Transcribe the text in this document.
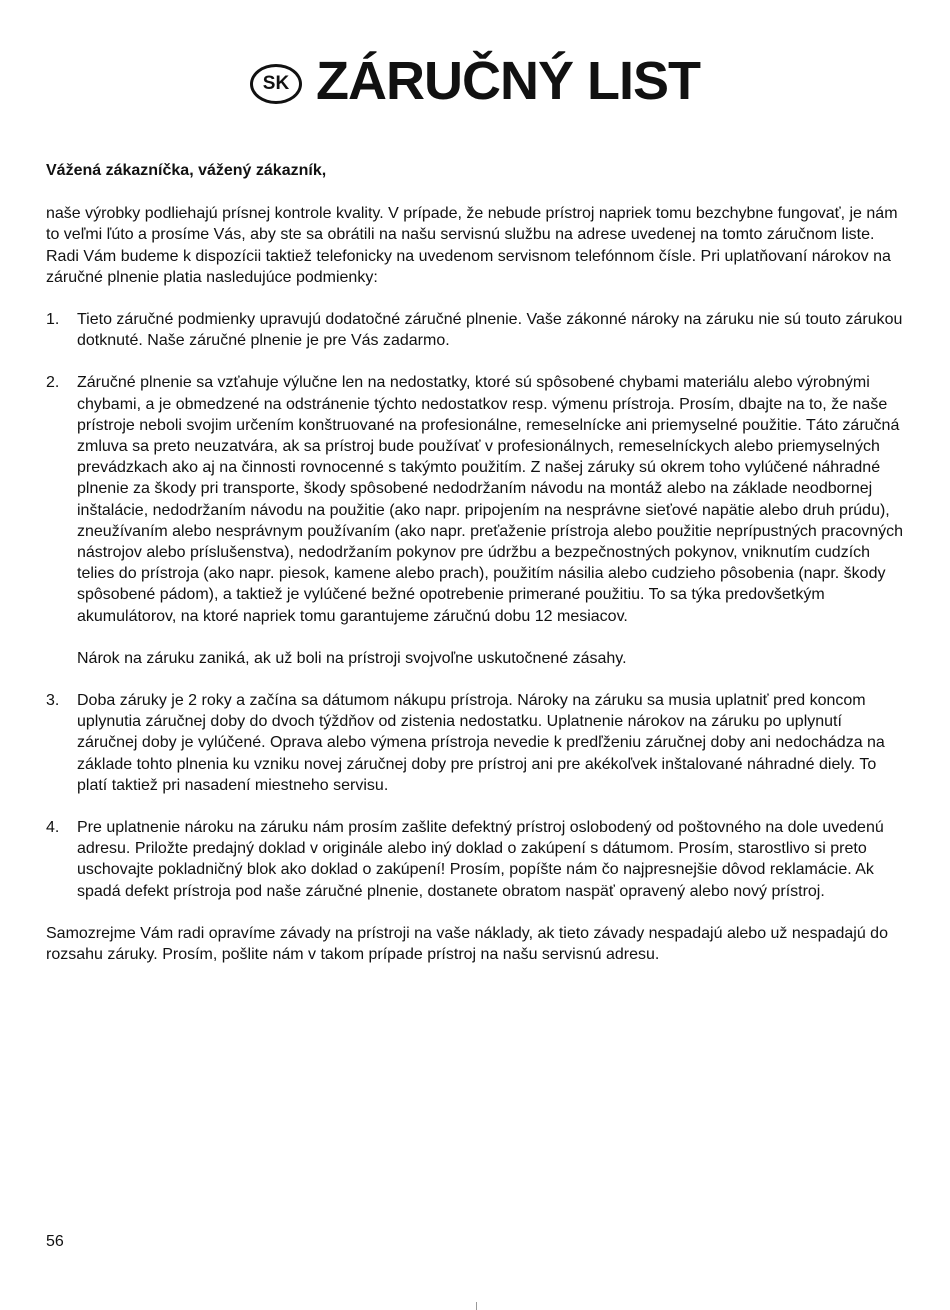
SK ZÁRUČNÝ LIST

Vážená zákazníčka, vážený zákazník,

naše výrobky podliehajú prísnej kontrole kvality. V prípade, že nebude prístroj napriek tomu bezchybne fungovať, je nám to veľmi ľúto a prosíme Vás, aby ste sa obrátili na našu servisnú službu na adrese uvedenej na tomto záručnom liste. Radi Vám budeme k dispozícii taktiež telefonicky na uvedenom servisnom telefónnom čísle. Pri uplatňovaní nárokov na záručné plnenie platia nasledujúce podmienky:

1.	Tieto záručné podmienky upravujú dodatočné záručné plnenie. Vaše zákonné nároky na záruku nie sú touto zárukou dotknuté. Naše záručné plnenie je pre Vás zadarmo.

2.	Záručné plnenie sa vzťahuje výlučne len na nedostatky, ktoré sú spôsobené chybami materiálu alebo výrobnými chybami, a je obmedzené na odstránenie týchto nedostatkov resp. výmenu prístroja. Prosím, dbajte na to, že naše prístroje neboli svojim určením konštruované na profesionálne, remeselnícke ani priemyselné použitie. Táto záručná zmluva sa preto neuzatvára, ak sa prístroj bude používať v profesionálnych, remeselníckych alebo priemyselných prevádzkach ako aj na činnosti rovnocenné s takýmto použitím. Z našej záruky sú okrem toho vylúčené náhradné plnenie za škody pri transporte, škody spôsobené nedodržaním návodu na montáž alebo na základe neodbornej inštalácie, nedodržaním návodu na použitie (ako napr. pripojením na nesprávne sieťové napätie alebo druh prúdu), zneužívaním alebo nesprávnym používaním (ako napr. preťaženie prístroja alebo použitie neprípustných pracovných nástrojov alebo príslušenstva), nedodržaním pokynov pre údržbu a bezpečnostných pokynov, vniknutím cudzích telies do prístroja (ako napr. piesok, kamene alebo prach), použitím násilia alebo cudzieho pôsobenia (napr. škody spôsobené pádom), a taktiež je vylúčené bežné opotrebenie primerané použitiu. To sa týka predovšetkým akumulátorov, na ktoré napriek tomu garantujeme záručnú dobu 12 mesiacov.

Nárok na záruku zaniká, ak už boli na prístroji svojvoľne uskutočnené zásahy.

3.	Doba záruky je 2 roky a začína sa dátumom nákupu prístroja. Nároky na záruku sa musia uplatniť pred koncom uplynutia záručnej doby do dvoch týždňov od zistenia nedostatku. Uplatnenie nárokov na záruku po uplynutí záručnej doby je vylúčené. Oprava alebo výmena prístroja nevedie k predľženiu záručnej doby ani nedochádza na základe tohto plnenia ku vzniku novej záručnej doby pre prístroj ani pre akékoľvek inštalované náhradné diely. To platí taktiež pri nasadení miestneho servisu.

4.	Pre uplatnenie nároku na záruku nám prosím zašlite defektný prístroj oslobodený od poštovného na dole uvedenú adresu. Priložte predajný doklad v originále alebo iný doklad o zakúpení s dátumom. Prosím, starostlivo si preto uschovajte pokladničný blok ako doklad o zakúpení! Prosím, popíšte nám čo najpresnejšie dôvod reklamácie. Ak spadá defekt prístroja pod naše záručné plnenie, dostanete obratom naspäť opravený alebo nový prístroj.

Samozrejme Vám radi opravíme závady na prístroji na vaše náklady, ak tieto závady nespadajú alebo už nespadajú do rozsahu záruky. Prosím, pošlite nám v takom prípade prístroj na našu servisnú adresu.

56
